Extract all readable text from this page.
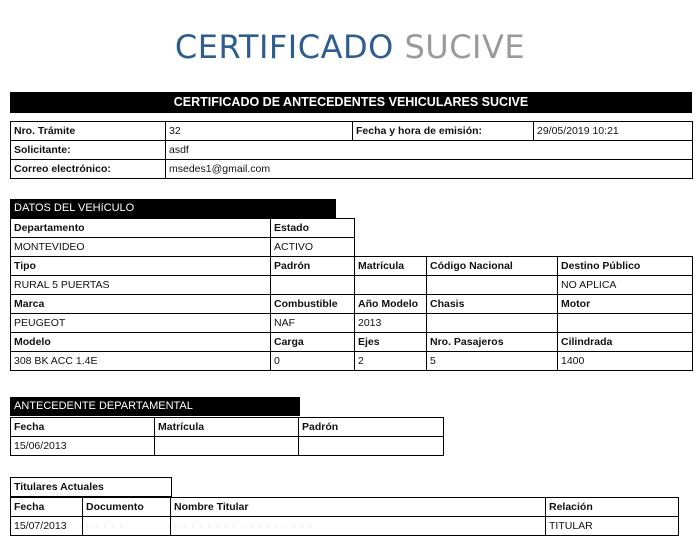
CERTIFICADO SUCIVE
CERTIFICADO DE ANTECEDENTES VEHICULARES SUCIVE
Nro. Trámite	32	Fecha y hora de emisión:	29/05/2019 10:21
Solicitante:	asdf		
Correo electrónico:	msedes1@gmail.com		
DATOS DEL VEHíCULO
Departamento	Estado			
MONTEVIDEO	ACTIVO			
Tipo	Padrón	Matrícula	Código Nacional	Destino Público
RURAL 5 PUERTAS				NO APLICA
Marca	Combustible	Año Modelo	Chasis	Motor
PEUGEOT	NAF	2013		
Modelo	Carga	Ejes	Nro. Pasajeros	Cilindrada
308 BK ACC 1.4E	0	2	5	1400
ANTECEDENTE DEPARTAMENTAL
Fecha	Matrícula	Padrón
15/06/2013		
Titulares Actuales
Fecha	Documento	Nombre Titular	Relación
15/07/2013	· · · · ·	· · · · · · · · · · · · · · · · ·	TITULAR
